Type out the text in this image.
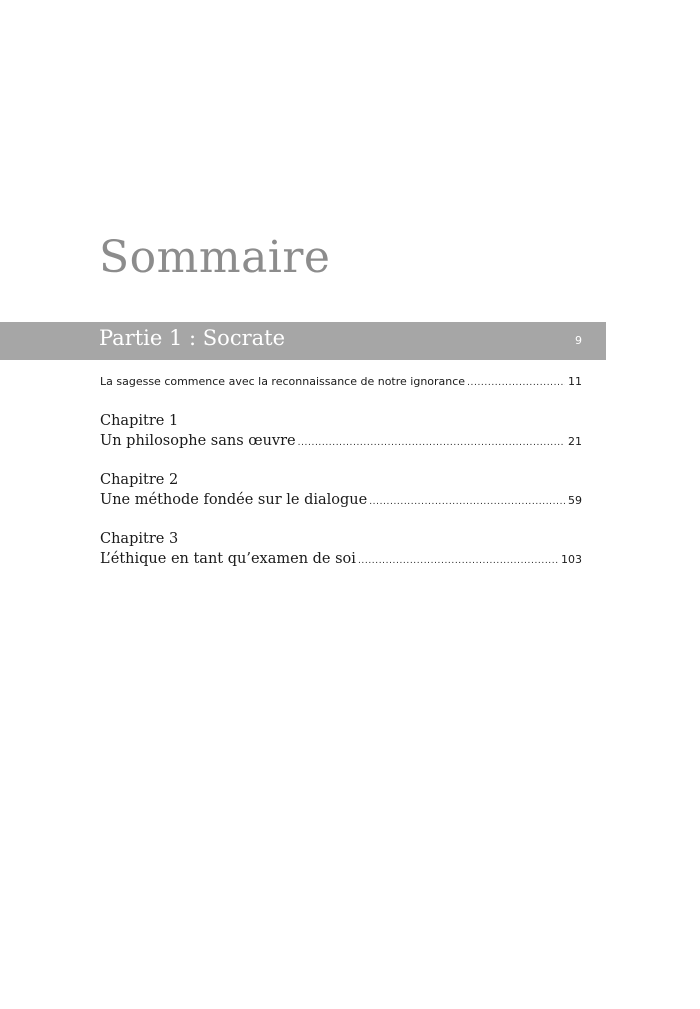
Sommaire
Partie 1 : Socrate	9
La sagesse commence avec la reconnaissance de notre ignorance .....	11
Chapitre 1
Un philosophe sans œuvre .....	21
Chapitre 2
Une méthode fondée sur le dialogue .....	59
Chapitre 3
L’éthique en tant qu’examen de soi .....	103
